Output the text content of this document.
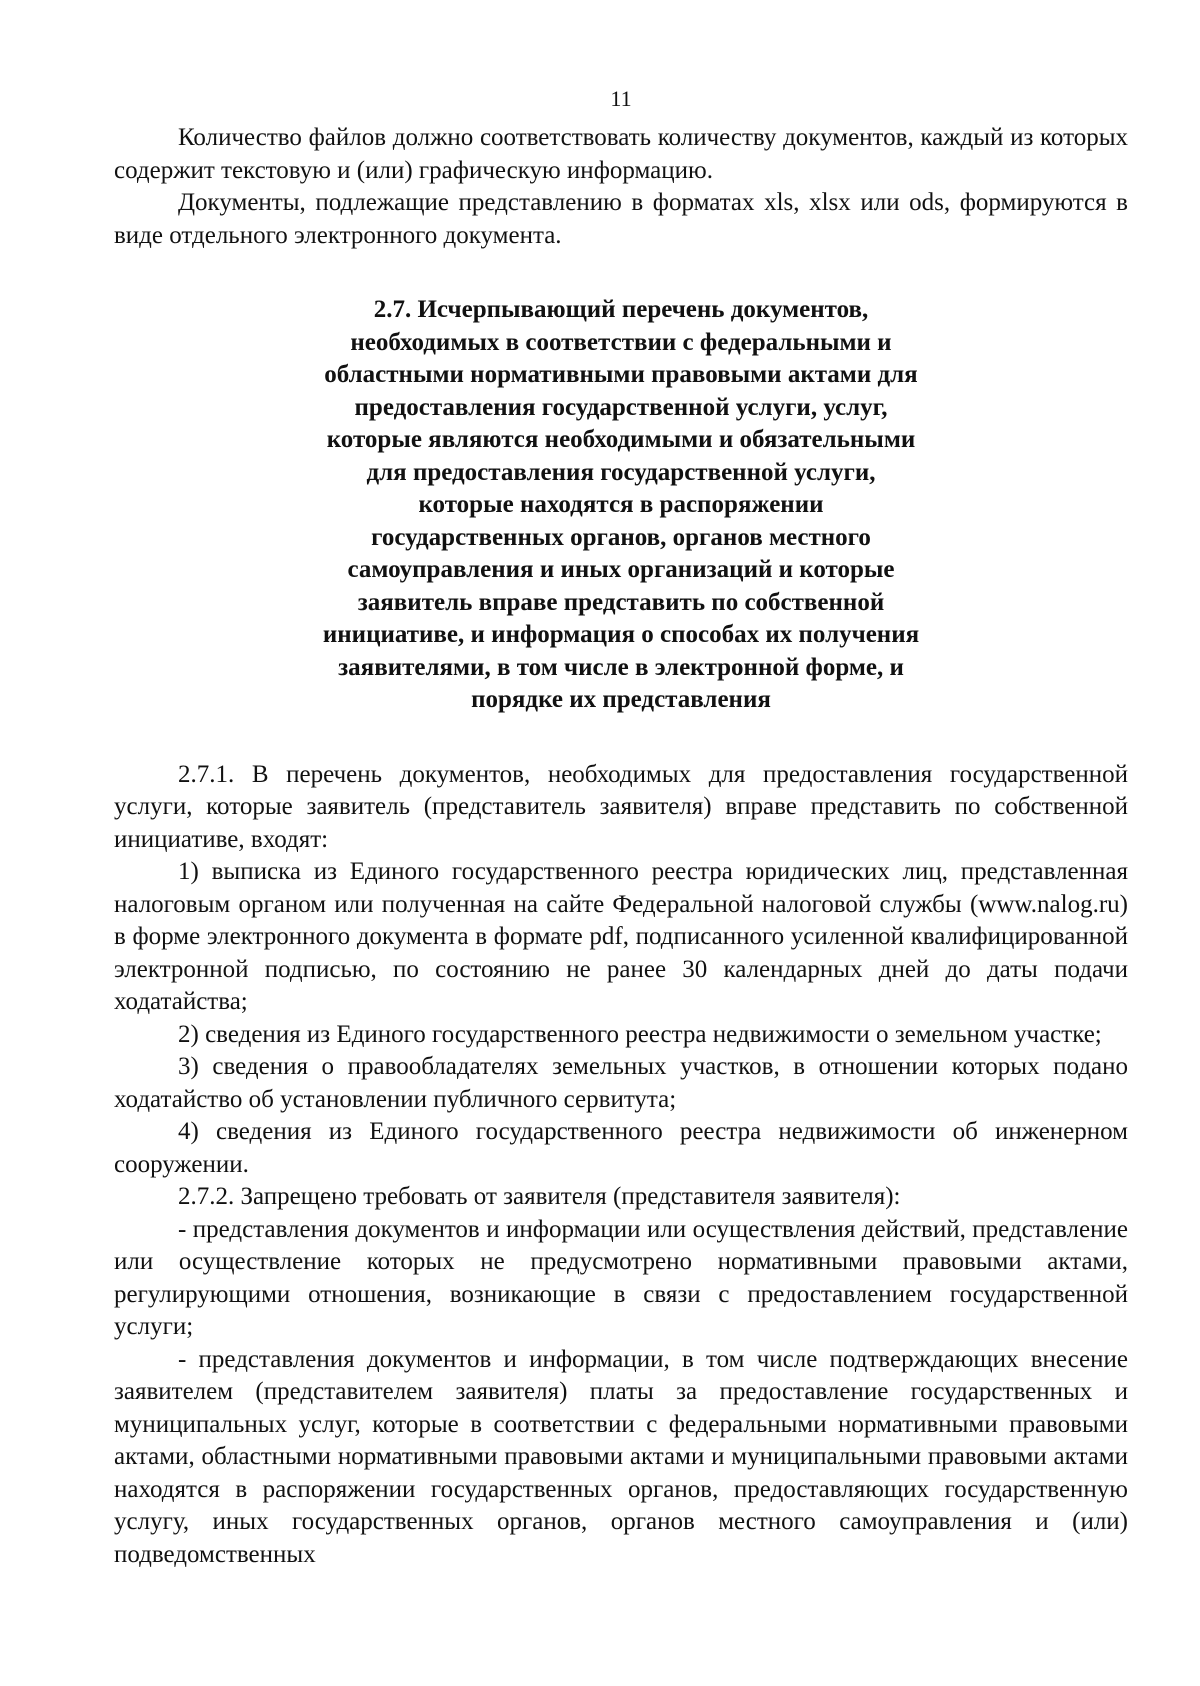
11

Количество файлов должно соответствовать количеству документов, каждый из которых содержит текстовую и (или) графическую информацию.

Документы, подлежащие представлению в форматах xls, xlsx или ods, формируются в виде отдельного электронного документа.

2.7. Исчерпывающий перечень документов,
необходимых в соответствии с федеральными и
областными нормативными правовыми актами для
предоставления государственной услуги, услуг,
которые являются необходимыми и обязательными
для предоставления государственной услуги,
которые находятся в распоряжении
государственных органов, органов местного
самоуправления и иных организаций и которые
заявитель вправе представить по собственной
инициативе, и информация о способах их получения
заявителями, в том числе в электронной форме, и
порядке их представления

2.7.1. В перечень документов, необходимых для предоставления государственной услуги, которые заявитель (представитель заявителя) вправе представить по собственной инициативе, входят:

1) выписка из Единого государственного реестра юридических лиц, представленная налоговым органом или полученная на сайте Федеральной налоговой службы (www.nalog.ru) в форме электронного документа в формате pdf, подписанного усиленной квалифицированной электронной подписью, по состоянию не ранее 30 календарных дней до даты подачи ходатайства;

2) сведения из Единого государственного реестра недвижимости о земельном участке;

3) сведения о правообладателях земельных участков, в отношении которых подано ходатайство об установлении публичного сервитута;

4) сведения из Единого государственного реестра недвижимости об инженерном сооружении.

2.7.2. Запрещено требовать от заявителя (представителя заявителя):

- представления документов и информации или осуществления действий, представление или осуществление которых не предусмотрено нормативными правовыми актами, регулирующими отношения, возникающие в связи с предоставлением государственной услуги;

- представления документов и информации, в том числе подтверждающих внесение заявителем (представителем заявителя) платы за предоставление государственных и муниципальных услуг, которые в соответствии с федеральными нормативными правовыми актами, областными нормативными правовыми актами и муниципальными правовыми актами находятся в распоряжении государственных органов, предоставляющих государственную услугу, иных государственных органов, органов местного самоуправления и (или) подведомственных
